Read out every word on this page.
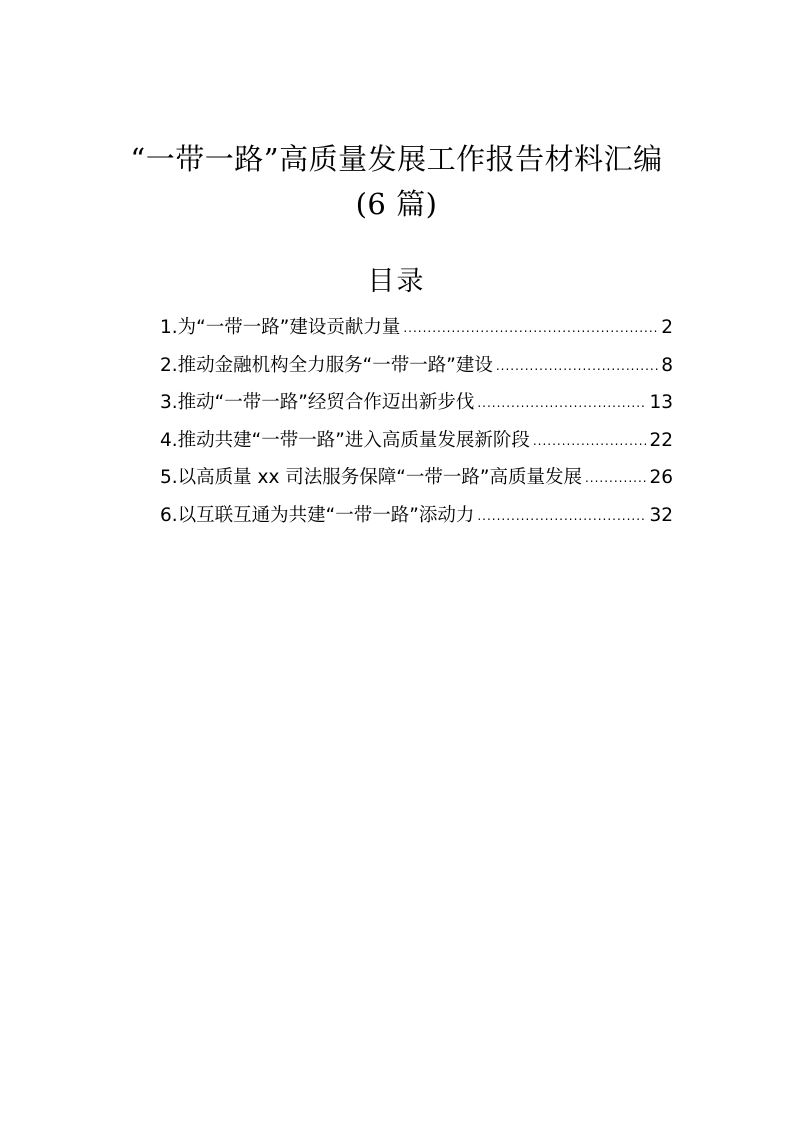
“一带一路”高质量发展工作报告材料汇编
(6 篇)
目录
1.为“一带一路”建设贡献力量 .....	2
2.推动金融机构全力服务“一带一路”建设 .....	8
3.推动“一带一路”经贸合作迈出新步伐 .....	13
4.推动共建“一带一路”进入高质量发展新阶段 .....	22
5.以高质量 xx 司法服务保障“一带一路”高质量发展 .....	26
6.以互联互通为共建“一带一路”添动力 .....	32
